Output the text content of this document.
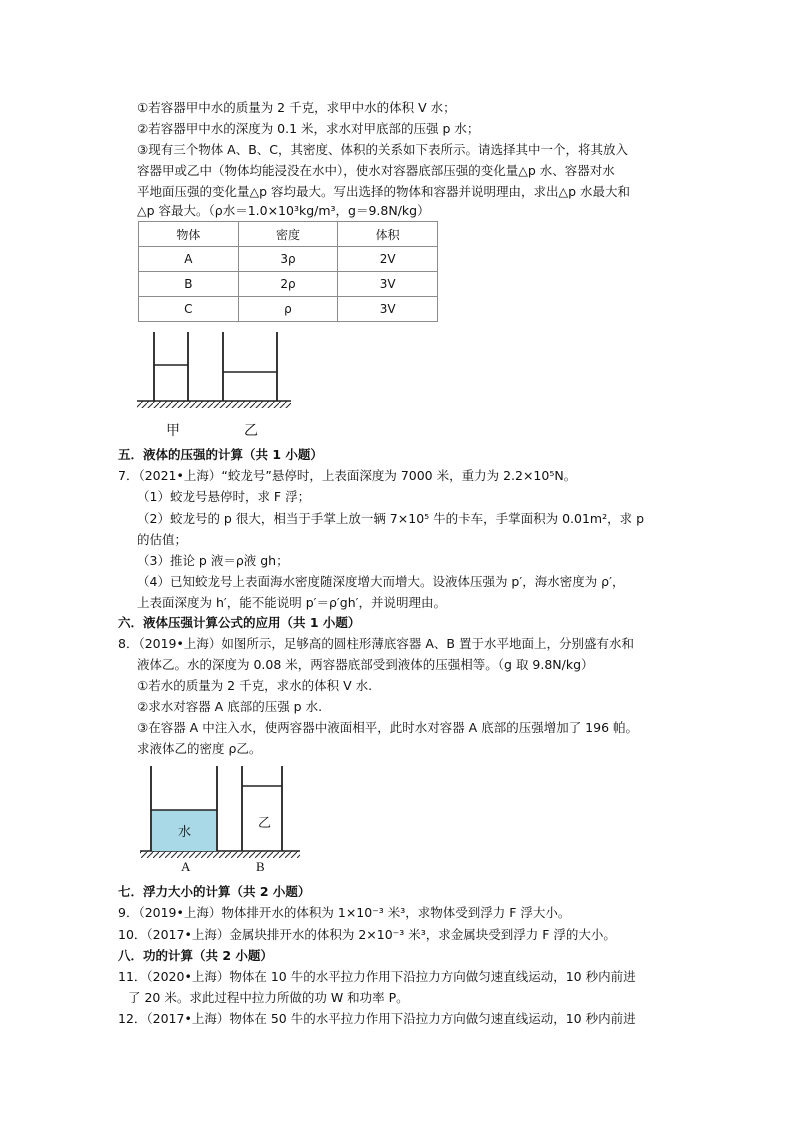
①若容器甲中水的质量为 2 千克，求甲中水的体积 V 水；
②若容器甲中水的深度为 0.1 米，求水对甲底部的压强 p 水；
③现有三个物体 A、B、C，其密度、体积的关系如下表所示。请选择其中一个，将其放入
容器甲或乙中（物体均能浸没在水中），使水对容器底部压强的变化量△p 水、容器对水
平地面压强的变化量△p 容均最大。写出选择的物体和容器并说明理由，求出△p 水最大和
△p 容最大。（ρ水＝1.0×10³kg/m³，g＝9.8N/kg）
物体	密度	体积
A	3ρ	2V
B	2ρ	3V
C	ρ	3V
甲	乙
五．液体的压强的计算（共 1 小题）
7．（2021•上海）“蛟龙号”悬停时，上表面深度为 7000 米，重力为 2.2×10⁵N。
（1）蛟龙号悬停时，求 F 浮；
（2）蛟龙号的 p 很大，相当于手掌上放一辆 7×10⁵ 牛的卡车，手掌面积为 0.01m²，求 p
的估值；
（3）推论 p 液＝ρ液 gh；
（4）已知蛟龙号上表面海水密度随深度增大而增大。设液体压强为 p′，海水密度为 ρ′，
上表面深度为 h′，能不能说明 p′＝ρ′gh′，并说明理由。
六．液体压强计算公式的应用（共 1 小题）
8．（2019•上海）如图所示，足够高的圆柱形薄底容器 A、B 置于水平地面上，分别盛有水和
液体乙。水的深度为 0.08 米，两容器底部受到液体的压强相等。（g 取 9.8N/kg）
①若水的质量为 2 千克，求水的体积 V 水.
②求水对容器 A 底部的压强 p 水.
③在容器 A 中注入水，使两容器中液面相平，此时水对容器 A 底部的压强增加了 196 帕。
求液体乙的密度 ρ乙。
水
乙
A	B
七．浮力大小的计算（共 2 小题）
9．（2019•上海）物体排开水的体积为 1×10⁻³ 米³，求物体受到浮力 F 浮大小。
10．（2017•上海）金属块排开水的体积为 2×10⁻³ 米³，求金属块受到浮力 F 浮的大小。
八．功的计算（共 2 小题）
11．（2020•上海）物体在 10 牛的水平拉力作用下沿拉力方向做匀速直线运动，10 秒内前进
了 20 米。求此过程中拉力所做的功 W 和功率 P。
12．（2017•上海）物体在 50 牛的水平拉力作用下沿拉力方向做匀速直线运动，10 秒内前进
